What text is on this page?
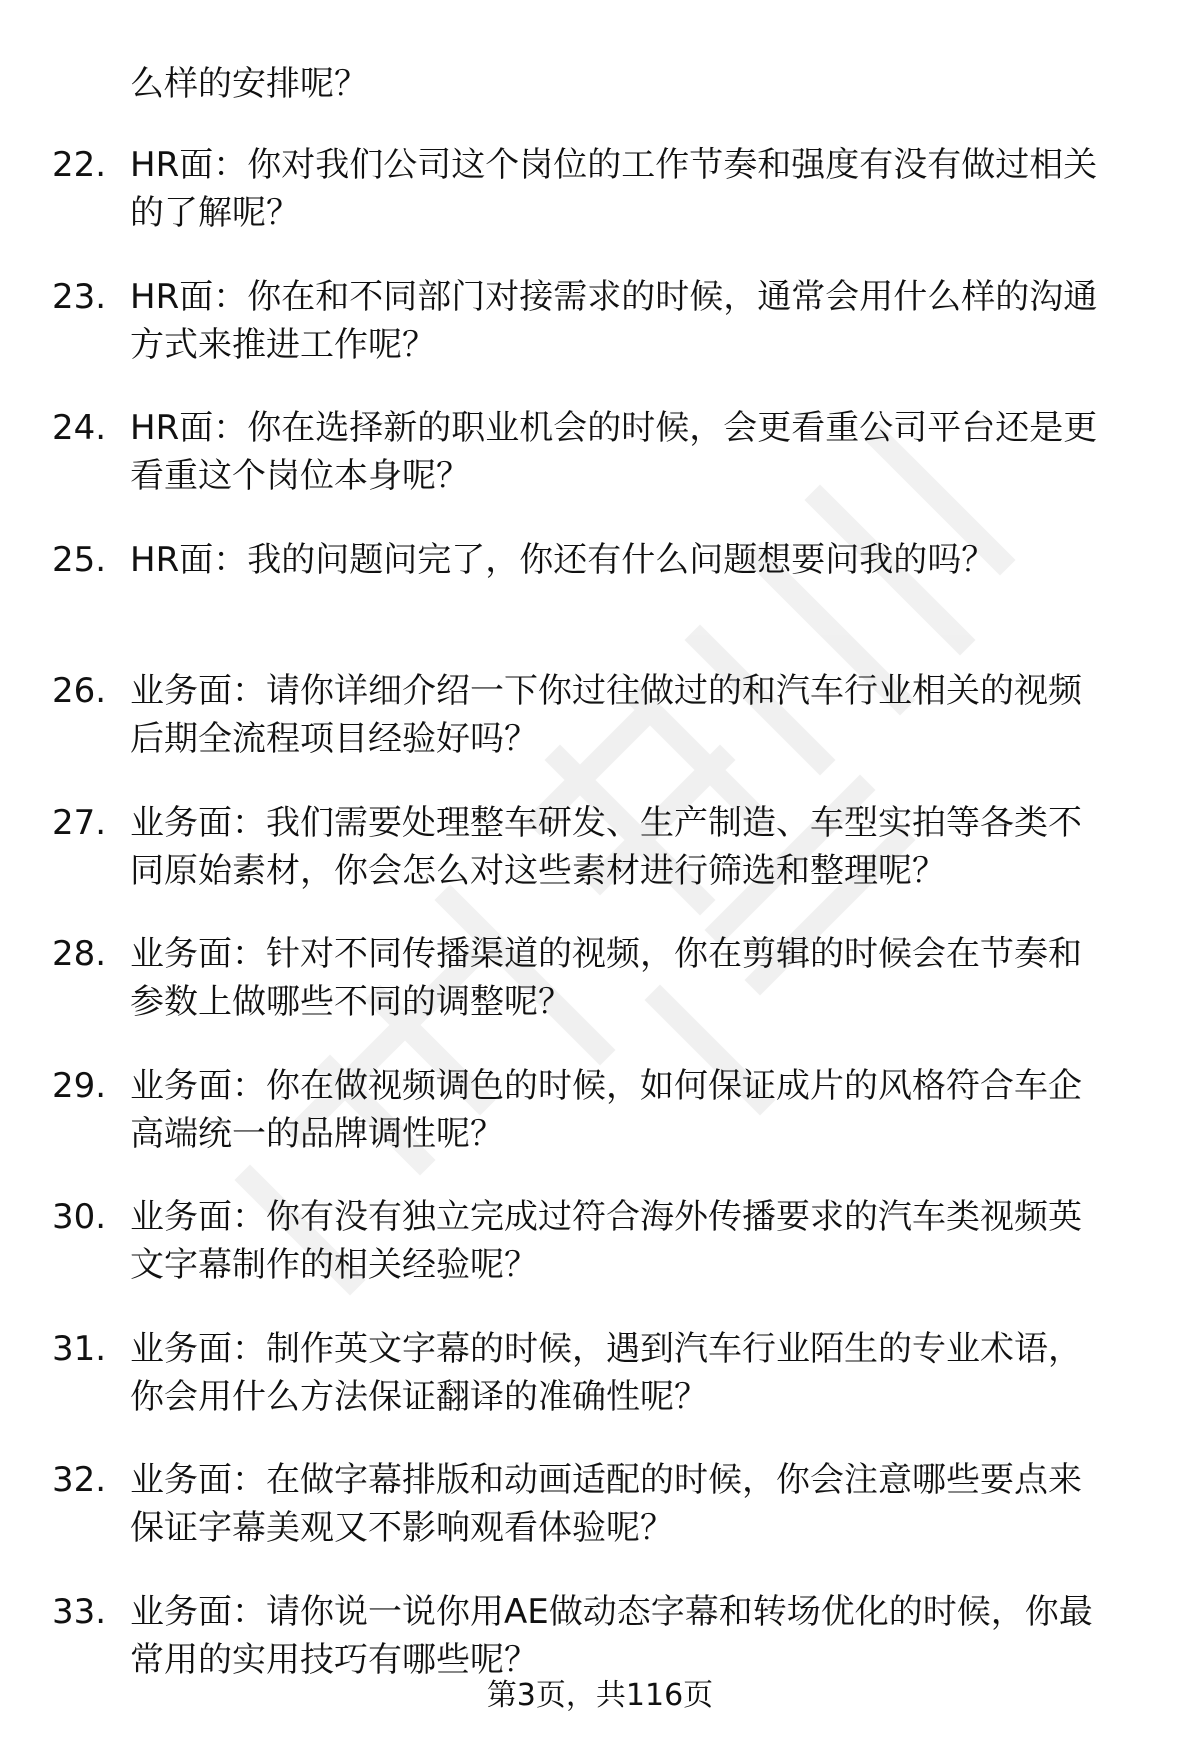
么样的安排呢？
22. HR面：你对我们公司这个岗位的工作节奏和强度有没有做过相关
的了解呢？
23. HR面：你在和不同部门对接需求的时候，通常会用什么样的沟通
方式来推进工作呢？
24. HR面：你在选择新的职业机会的时候，会更看重公司平台还是更
看重这个岗位本身呢？
25. HR面：我的问题问完了，你还有什么问题想要问我的吗？
26. 业务面：请你详细介绍一下你过往做过的和汽车行业相关的视频
后期全流程项目经验好吗？
27. 业务面：我们需要处理整车研发、生产制造、车型实拍等各类不
同原始素材，你会怎么对这些素材进行筛选和整理呢？
28. 业务面：针对不同传播渠道的视频，你在剪辑的时候会在节奏和
参数上做哪些不同的调整呢？
29. 业务面：你在做视频调色的时候，如何保证成片的风格符合车企
高端统一的品牌调性呢？
30. 业务面：你有没有独立完成过符合海外传播要求的汽车类视频英
文字幕制作的相关经验呢？
31. 业务面：制作英文字幕的时候，遇到汽车行业陌生的专业术语，
你会用什么方法保证翻译的准确性呢？
32. 业务面：在做字幕排版和动画适配的时候，你会注意哪些要点来
保证字幕美观又不影响观看体验呢？
33. 业务面：请你说一说你用AE做动态字幕和转场优化的时候，你最
常用的实用技巧有哪些呢？
第3页，共116页
